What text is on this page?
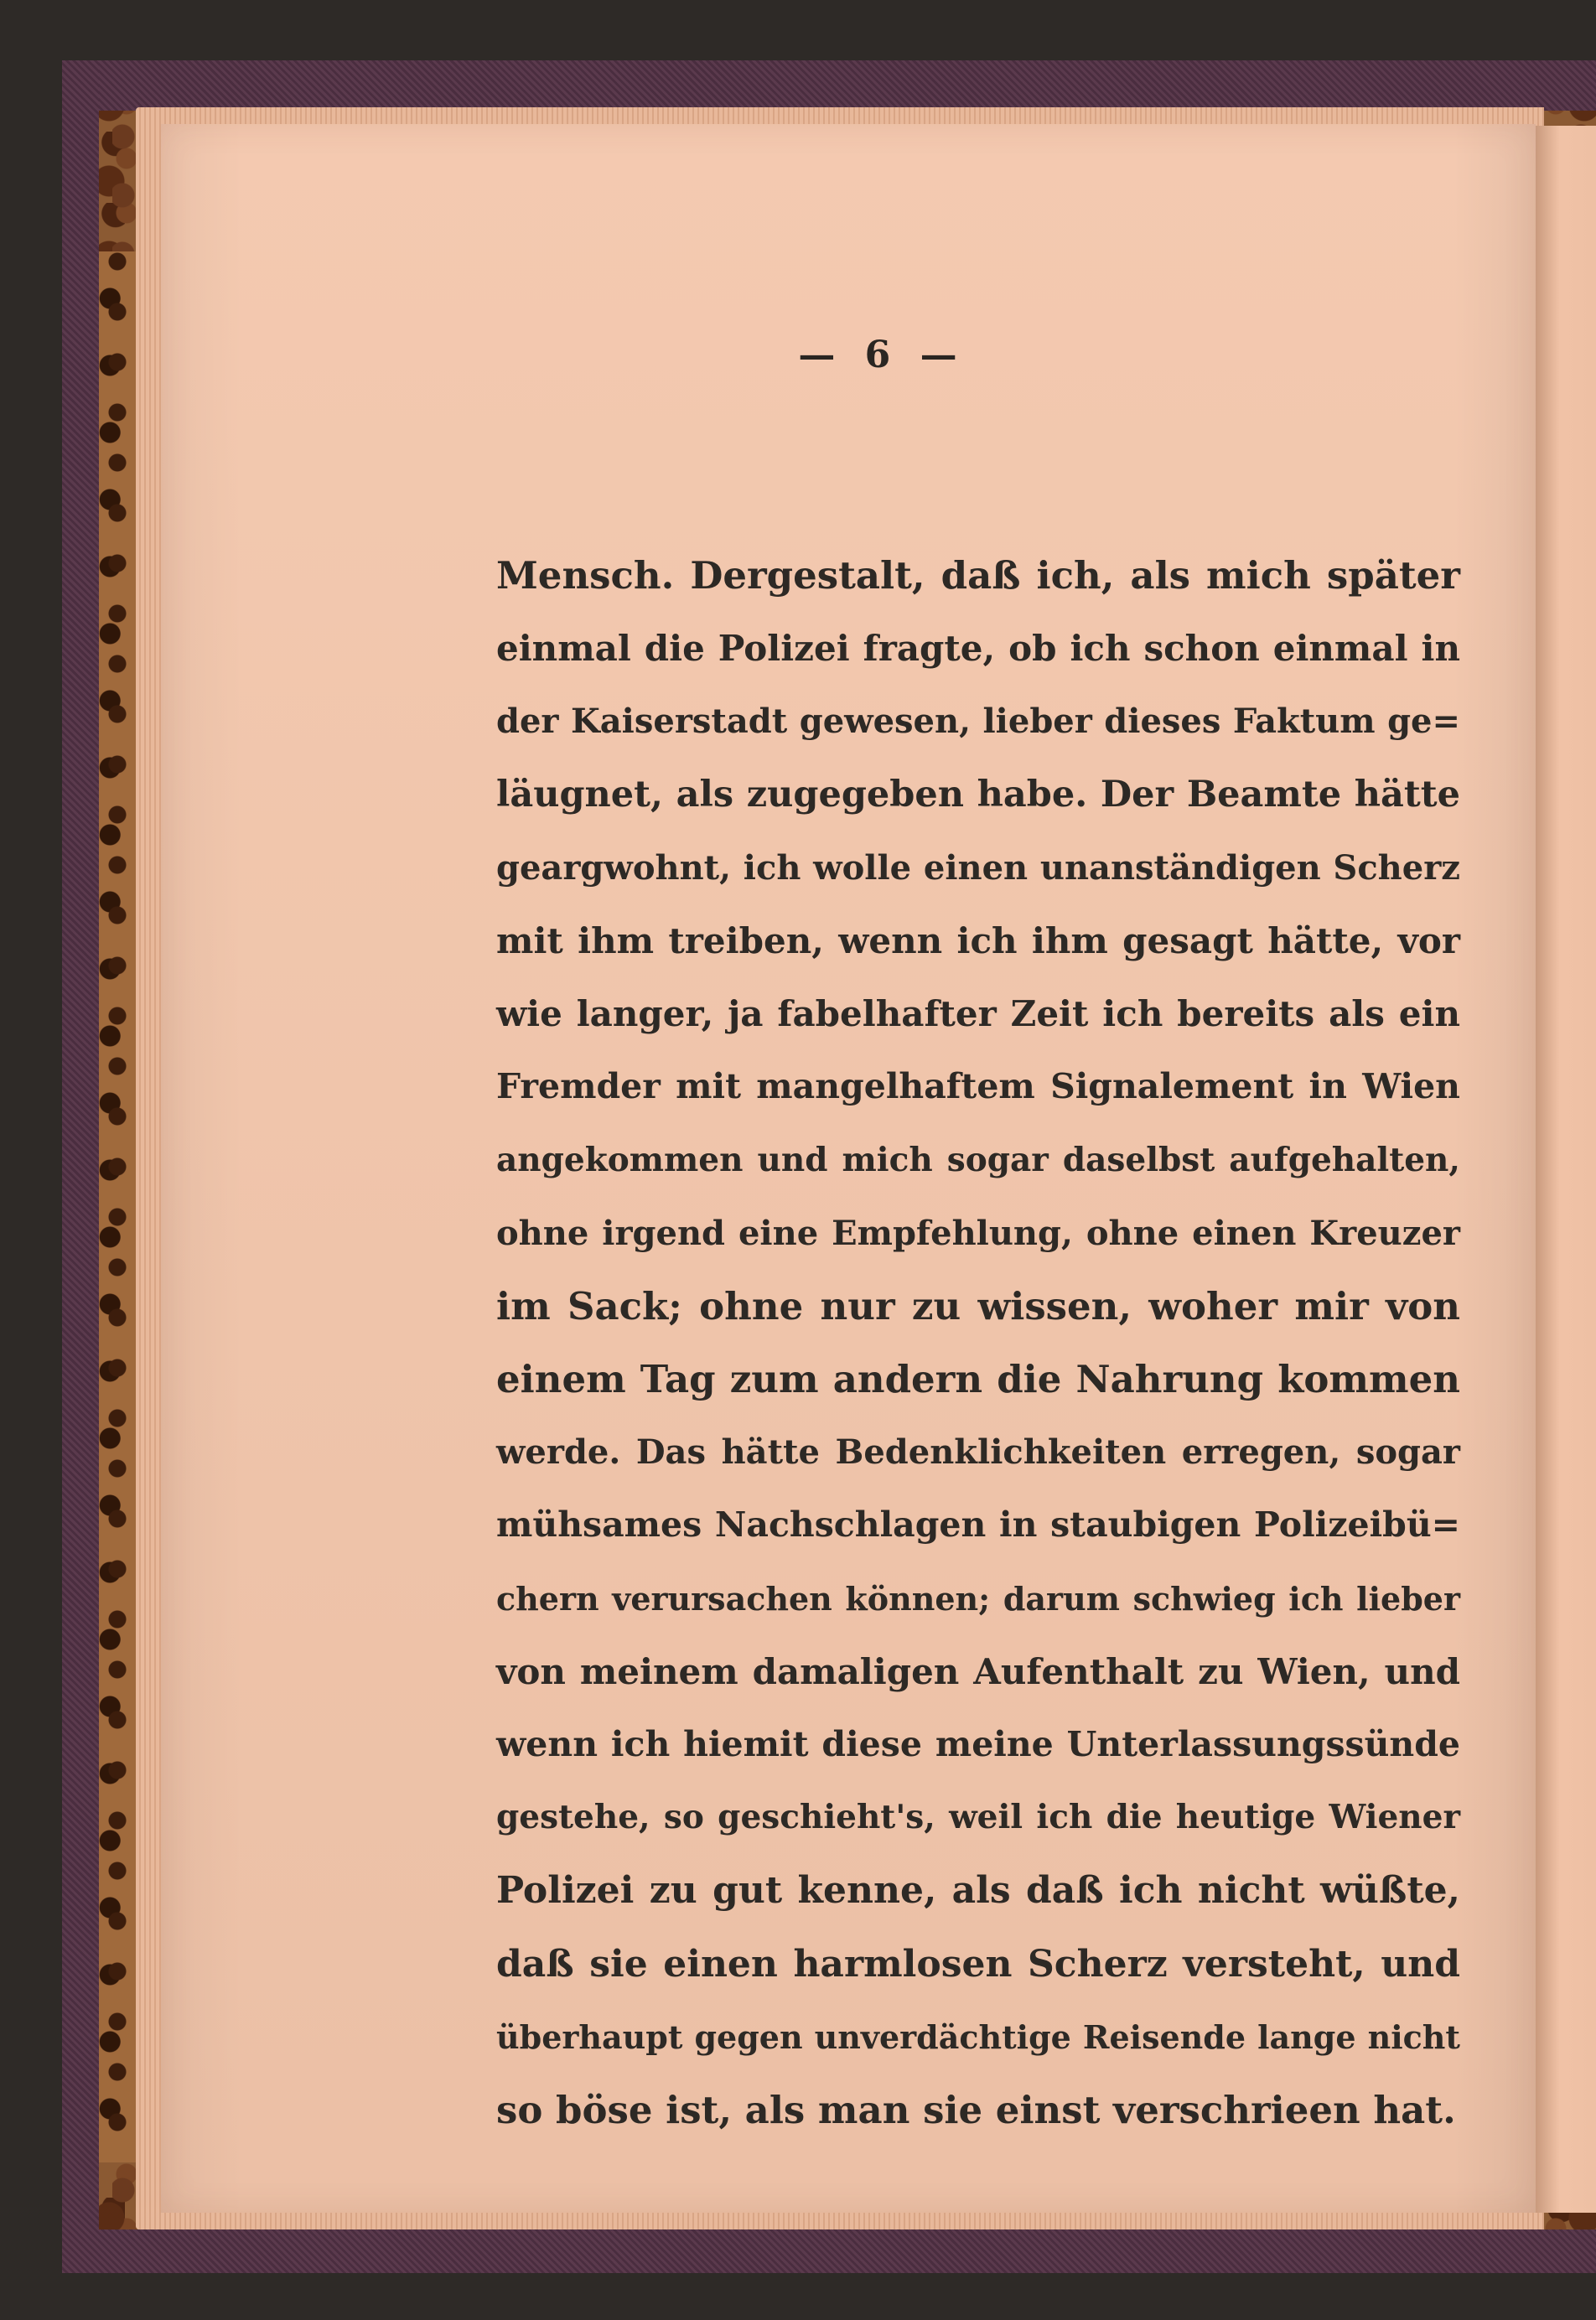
— 6 —
Mensch. Dergestalt, daß ich, als mich später
einmal die Polizei fragte, ob ich schon einmal in
der Kaiserstadt gewesen, lieber dieses Faktum ge=
läugnet, als zugegeben habe. Der Beamte hätte
geargwohnt, ich wolle einen unanständigen Scherz
mit ihm treiben, wenn ich ihm gesagt hätte, vor
wie langer, ja fabelhafter Zeit ich bereits als ein
Fremder mit mangelhaftem Signalement in Wien
angekommen und mich sogar daselbst aufgehalten,
ohne irgend eine Empfehlung, ohne einen Kreuzer
im Sack; ohne nur zu wissen, woher mir von
einem Tag zum andern die Nahrung kommen
werde. Das hätte Bedenklichkeiten erregen, sogar
mühsames Nachschlagen in staubigen Polizeibü=
chern verursachen können; darum schwieg ich lieber
von meinem damaligen Aufenthalt zu Wien, und
wenn ich hiemit diese meine Unterlassungssünde
gestehe, so geschieht's, weil ich die heutige Wiener
Polizei zu gut kenne, als daß ich nicht wüßte,
daß sie einen harmlosen Scherz versteht, und
überhaupt gegen unverdächtige Reisende lange nicht
so böse ist, als man sie einst verschrieen hat.
